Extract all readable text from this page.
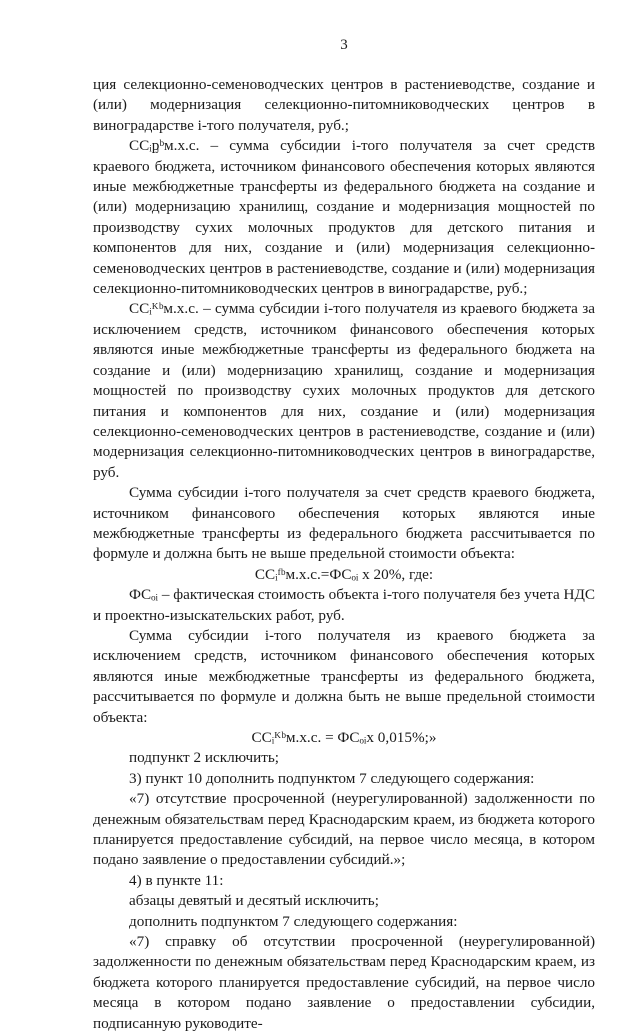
3

ция селекционно-семеноводческих центров в растениеводстве, создание и (или) модернизация селекционно-питомниководческих центров в виноградарстве i-того получателя, руб.;

ССᵢᶈᵇм.х.с. – сумма субсидии i-того получателя за счет средств краевого бюджета, источником финансового обеспечения которых являются иные межбюджетные трансферты из федерального бюджета на создание и (или) модернизацию хранилищ, создание и модернизация мощностей по производству сухих молочных продуктов для детского питания и компонентов для них, создание и (или) модернизация селекционно-семеноводческих центров в растениеводстве, создание и (или) модернизация селекционно-питомниководческих центров в виноградарстве, руб.;

ССᵢᴷᵇм.х.с. – сумма субсидии i-того получателя из краевого бюджета за исключением средств, источником финансового обеспечения которых являются иные межбюджетные трансферты из федерального бюджета на создание и (или) модернизацию хранилищ, создание и модернизация мощностей по производству сухих молочных продуктов для детского питания и компонентов для них, создание и (или) модернизация селекционно-семеноводческих центров в растениеводстве, создание и (или) модернизация селекционно-питомниководческих центров в виноградарстве, руб.

Сумма субсидии i-того получателя за счет средств краевого бюджета, источником финансового обеспечения которых являются иные межбюджетные трансферты из федерального бюджета рассчитывается по формуле и должна быть не выше предельной стоимости объекта:

ССᵢᶠᵇм.х.с.=ФСₒᵢ х 20%, где:

ФСₒᵢ – фактическая стоимость объекта i-того получателя без учета НДС и проектно-изыскательских работ, руб.

Сумма субсидии i-того получателя из краевого бюджета за исключением средств, источником финансового обеспечения которых являются иные межбюджетные трансферты из федерального бюджета, рассчитывается по формуле и должна быть не выше предельной стоимости объекта:

ССᵢᴷᵇм.х.с. = ФСₒᵢх 0,015%;»

подпункт 2 исключить;

3) пункт 10 дополнить подпунктом 7 следующего содержания:

«7) отсутствие просроченной (неурегулированной) задолженности по денежным обязательствам перед Краснодарским краем, из бюджета которого планируется предоставление субсидий, на первое число месяца, в котором подано заявление о предоставлении субсидий.»;

4) в пункте 11:

абзацы девятый и десятый исключить;

дополнить подпунктом 7 следующего содержания:

«7) справку об отсутствии просроченной (неурегулированной) задолженности по денежным обязательствам перед Краснодарским краем, из бюджета которого планируется предоставление субсидий, на первое число месяца в котором подано заявление о предоставлении субсидии, подписанную руководите-
